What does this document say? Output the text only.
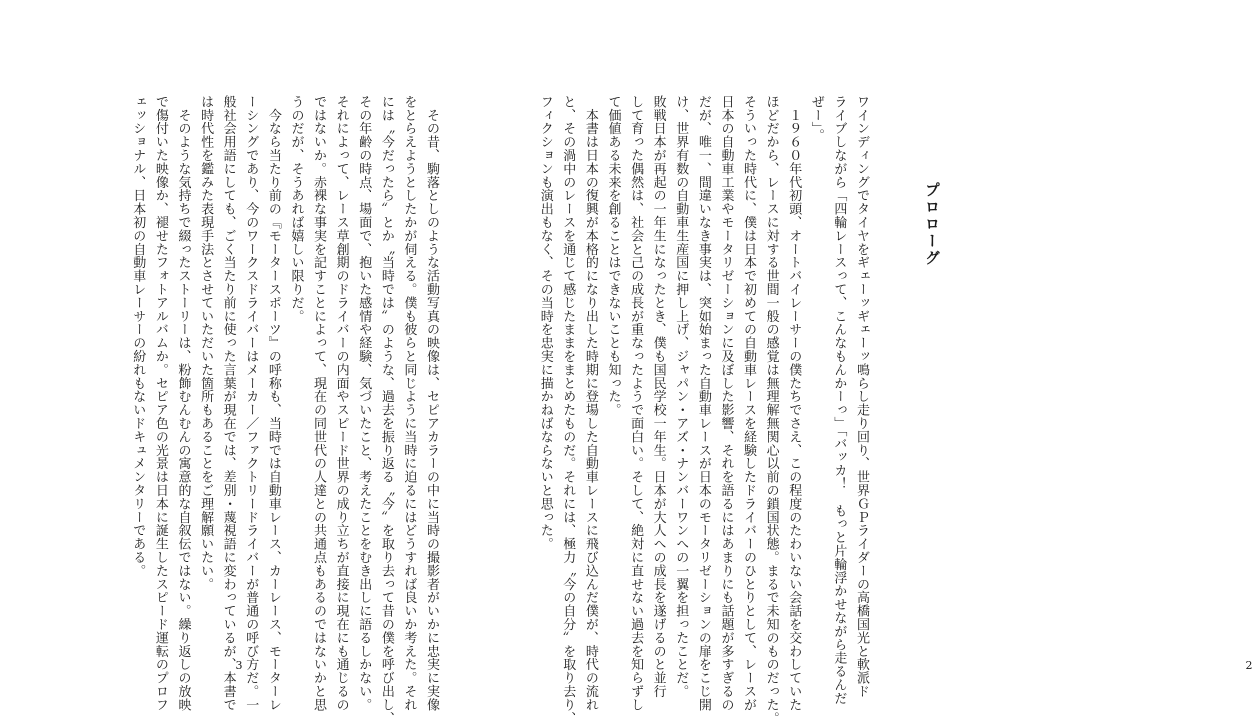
　その昔、駒落としのような活動写真の映像は、セピアカラーの中に当時の撮影者がいかに忠実に実像
をとらえようとしたかが伺える。僕も彼らと同じように当時に迫るにはどうすれば良いか考えた。それ
には〝今だったら〟とか〝当時では〟のような、過去を振り返る〝今〟を取り去って昔の僕を呼び出し、
その年齢の時点、場面で、抱いた感情や経験、気づいたこと、考えたことをむき出しに語るしかない。
それによって、レース草創期のドライバーの内面やスピード世界の成り立ちが直接に現在にも通じるの
ではないか。赤裸な事実を記すことによって、現在の同世代の人達との共通点もあるのではないかと思
うのだが、そうあれば嬉しい限りだ。
　今なら当たり前の『モータースポーツ』の呼称も、当時では自動車レース、カーレース、モーターレ
ーシングであり、今のワークスドライバーはメーカー／ファクトリードライバーが普通の呼び方だ。一
般社会用語にしても、ごく当たり前に使った言葉が現在では、差別・蔑視語に変わっているが、本書で
は時代性を鑑みた表現手法とさせていただいた箇所もあることをご理解願いたい。
　そのような気持ちで綴ったストーリーは、粉飾むんむんの寓意的な自叙伝ではない。繰り返しの放映
で傷付いた映像か、褪せたフォトアルバムか。セピア色の光景は日本に誕生したスピード運転のプロフ
ェッショナル、日本初の自動車レーサーの紛れもないドキュメンタリーである。
3
プロローグ
ワインディングでタイヤをギェーッギェーッ鳴らし走り回り、世界ＧＰライダーの高橋国光と軟派ド
ライブしながら「四輪レースって、こんなもんかーっ」「バッカ！　もっと片輪浮かせながら走るんだ
ぜー」。
　１９６０年代初頭、オートバイレーサーの僕たちでさえ、この程度のたわいない会話を交わしていた
ほどだから、レースに対する世間一般の感覚は無理解無関心以前の鎖国状態。まるで未知のものだった。
そういった時代に、僕は日本で初めての自動車レースを経験したドライバーのひとりとして、レースが
日本の自動車工業やモータリゼーションに及ぼした影響、それを語るにはあまりにも話題が多すぎるの
だが、唯一、間違いなき事実は、突如始まった自動車レースが日本のモータリゼーションの扉をこじ開
け、世界有数の自動車生産国に押し上げ、ジャパン・アズ・ナンバーワンへの一翼を担ったことだ。
敗戦日本が再起の一年生になったとき、僕も国民学校一年生。日本が大人への成長を遂げるのと並行
して育った偶然は、社会と己の成長が重なったようで面白い。そして、絶対に直せない過去を知らずし
て価値ある未来を創ることはできないことも知った。
　本書は日本の復興が本格的になり出した時期に登場した自動車レースに飛び込んだ僕が、時代の流れ
と、その渦中のレースを通じて感じたままをまとめたものだ。それには、極力〝今の自分〟を取り去り、
フィクションも演出もなく、その当時を忠実に描かねばならないと思った。
2
